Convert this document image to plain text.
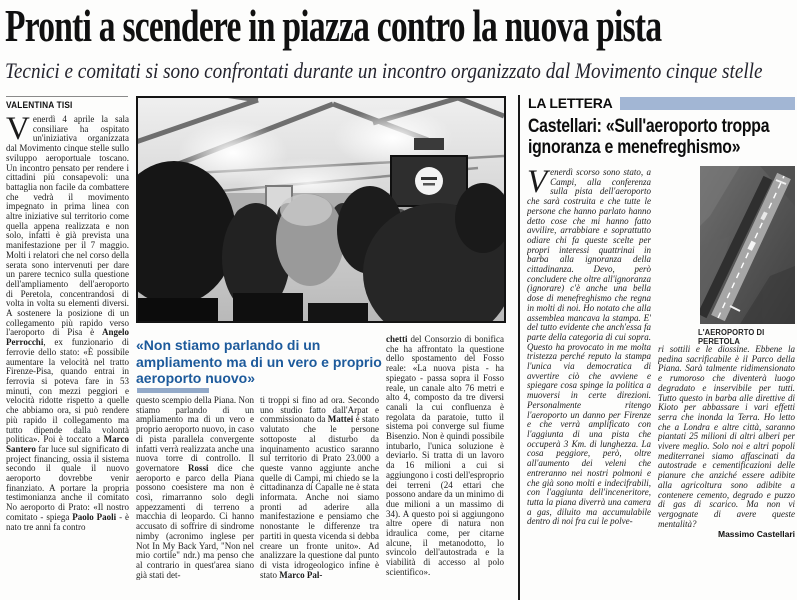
Pronti a scendere in piazza contro la nuova pista

Tecnici e comitati si sono confrontati durante un incontro organizzato dal Movimento cinque stelle

VALENTINA TISI

Venerdì 4 aprile la sala consiliare ha ospitato un'iniziativa organizzata dal Movimento cinque stelle sullo sviluppo aeroportuale toscano. Un incontro pensato per rendere i cittadini più consapevoli: una battaglia non facile da combattere che vedrà il movimento impegnato in prima linea con altre iniziative sul territorio come quella appena realizzata e non solo, infatti è già prevista una manifestazione per il 7 maggio. Molti i relatori che nel corso della serata sono intervenuti per dare un parere tecnico sulla questione dell'ampliamento dell'aeroporto di Peretola, concentrandosi di volta in volta su elementi diversi. A sostenere la posizione di un collegamento più rapido verso l'aeroporto di Pisa è Angelo Perrocchi, ex funzionario di ferrovie dello stato: «È possibile aumentare la velocità nel tratto Firenze-Pisa, quando entrai in ferrovia si poteva fare in 53 minuti, con mezzi peggiori e velocità ridotte rispetto a quelle che abbiamo ora, si può rendere più rapido il collegamento ma tutto dipende dalla volontà politica». Poi è toccato a Marco Santero far luce sul significato di project financing, ossia il sistema secondo il quale il nuovo aeroporto dovrebbe venir finanziato. A portare la propria testimonianza anche il comitato No aeroporto di Prato: «Il nostro comitato - spiega Paolo Paoli - è nato tre anni fa contro

«Non stiamo parlando di un ampliamento ma di un vero e proprio aeroporto nuovo»

questo scempio della Piana. Non stiamo parlando di un ampliamento ma di un vero e proprio aeroporto nuovo, in caso di pista parallela convergente infatti verrà realizzata anche una nuova torre di controllo. Il governatore Rossi dice che aeroporto e parco della Piana possono coesistere ma non è così, rimarranno solo degli appezzamenti di terreno a macchia di leopardo. Ci hanno accusato di soffrire di sindrome nimby (acronimo inglese per Not In My Back Yard, "Non nel mio cortile" ndr.) ma penso che al contrario in quest'area siano già stati det-

ti troppi si fino ad ora. Secondo uno studio fatto dall'Arpat e commissionato da Mattei è stato valutato che le persone sottoposte al disturbo da inquinamento acustico saranno sul territorio di Prato 23.000 a queste vanno aggiunte anche quelle di Campi, mi chiedo se la cittadinanza di Capalle ne è stata informata. Anche noi siamo pronti ad aderire alla manifestazione e pensiamo che nonostante le differenze tra partiti in questa vicenda si debba creare un fronte unito». Ad analizzare la questione dal punto di vista idrogeologico infine è stato Marco Pal-

chetti del Consorzio di bonifica che ha affrontato la questione dello spostamento del Fosso reale: «La nuova pista - ha spiegato - passa sopra il Fosso reale, un canale alto 76 metri e alto 4, composto da tre diversi canali la cui confluenza è regolata da paratoie, tutto il sistema poi converge sul fiume Bisenzio. Non è quindi possibile intubarlo, l'unica soluzione è deviarlo. Si tratta di un lavoro da 16 milioni a cui si aggiungono i costi dell'esproprio dei terreni (24 ettari che possono andare da un minimo di due milioni a un massimo di 34). A questo poi si aggiungono altre opere di natura non idraulica come, per citarne alcune, il metanodotto, lo svincolo dell'autostrada e la viabilità di accesso al polo scientifico».

LA LETTERA
Castellari: «Sull'aeroporto troppa ignoranza e menefreghismo»

Venerdì scorso sono stato, a Campi, alla conferenza sulla pista dell'aeroporto che sarà costruita e che tutte le persone che hanno parlato hanno detto cose che mi hanno fatto avvilire, arrabbiare e soprattutto odiare chi fa queste scelte per propri interessi quattrinai in barba alla ignoranza della cittadinanza. Devo, però concludere che oltre all'ignoranza (ignorare) c'è anche una bella dose di menefreghismo che regna in molti di noi. Ho notato che alla assemblea mancava la stampa. E' del tutto evidente che anch'essa fa parte della categoria di cui sopra. Questo ha provocato in me molta tristezza perché reputo la stampa l'unica via democratica di avvertire ciò che avviene e spiegare cosa spinge la politica a muoversi in certe direzioni. Personalmente ritengo l'aeroporto un danno per Firenze e che verrà amplificato con l'aggiunta di una pista che occuperà 3 Km. di lunghezza. La cosa peggiore, però, oltre all'aumento dei veleni che entreranno nei nostri polmoni e che già sono molti e indecifrabili, con l'aggiunta dell'inceneritore, tutta la piana diverrà una camera a gas, diluito ma accumulabile dentro di noi fra cui le polve-

L'AEROPORTO DI PERETOLA

ri sottili e le diossine. Ebbene la pedina sacrificabile è il Parco della Piana. Sarà talmente ridimensionato e rumoroso che diventerà luogo degradato e inservibile per tutti. Tutto questo in barba alle direttive di Kioto per abbassare i vari effetti serra che inonda la Terra. Ho letto che a Londra e altre città, saranno piantati 25 milioni di altri alberi per vivere meglio. Solo noi e altri popoli mediterranei siamo affascinati da autostrade e cementificazioni delle pianure che anziché essere adibite alla agricoltura sono adibite a contenere cemento, degrado e puzzo di gas di scarico. Ma non vi vergognate di avere queste mentalità?

Massimo Castellari
